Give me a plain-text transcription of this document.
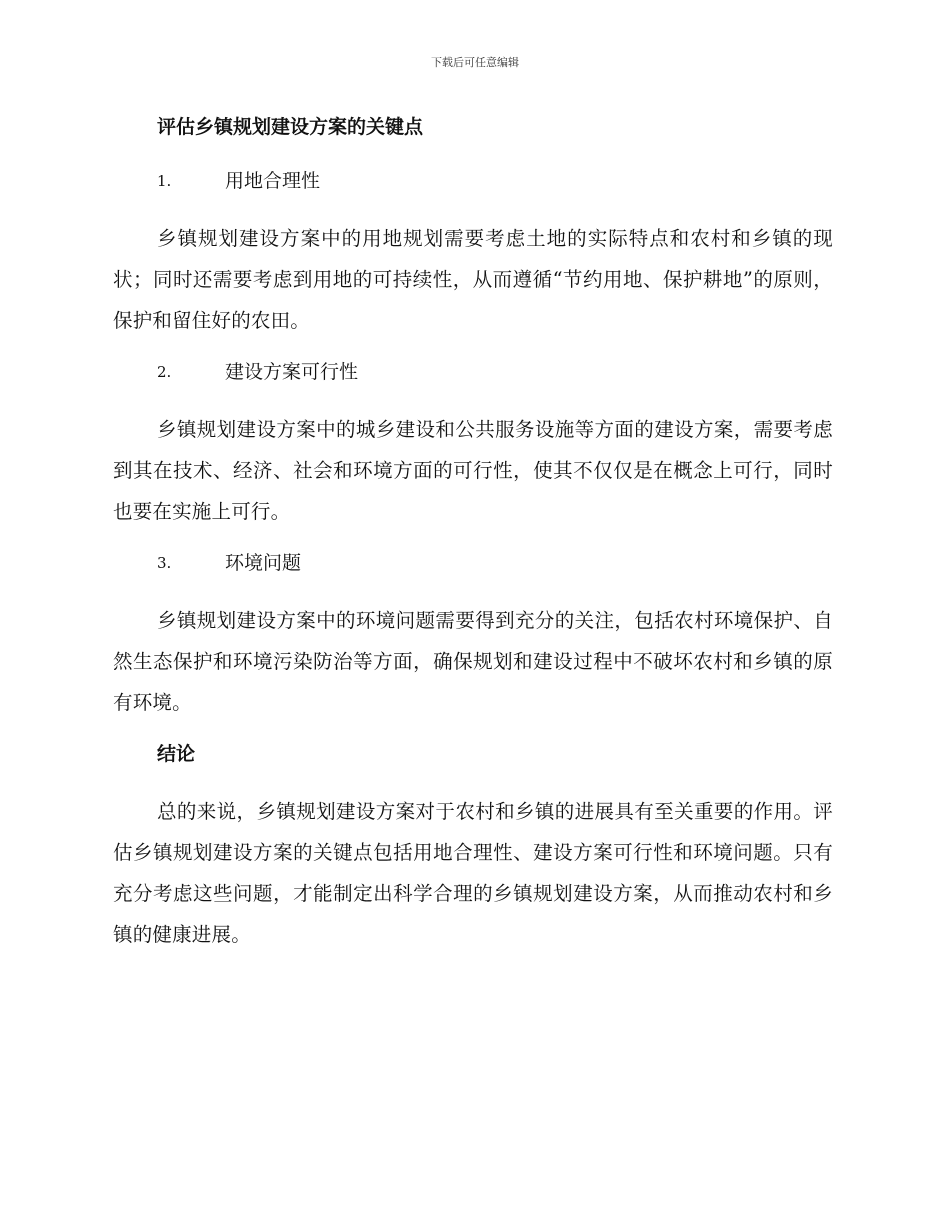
下载后可任意编辑
评估乡镇规划建设方案的关键点
1.	用地合理性

乡镇规划建设方案中的用地规划需要考虑土地的实际特点和农村和乡镇的现状；同时还需要考虑到用地的可持续性，从而遵循“节约用地、保护耕地”的原则，保护和留住好的农田。

2.	建设方案可行性

乡镇规划建设方案中的城乡建设和公共服务设施等方面的建设方案，需要考虑到其在技术、经济、社会和环境方面的可行性，使其不仅仅是在概念上可行，同时也要在实施上可行。

3.	环境问题

乡镇规划建设方案中的环境问题需要得到充分的关注，包括农村环境保护、自然生态保护和环境污染防治等方面，确保规划和建设过程中不破坏农村和乡镇的原有环境。

结论

总的来说，乡镇规划建设方案对于农村和乡镇的进展具有至关重要的作用。评估乡镇规划建设方案的关键点包括用地合理性、建设方案可行性和环境问题。只有充分考虑这些问题，才能制定出科学合理的乡镇规划建设方案，从而推动农村和乡镇的健康进展。
